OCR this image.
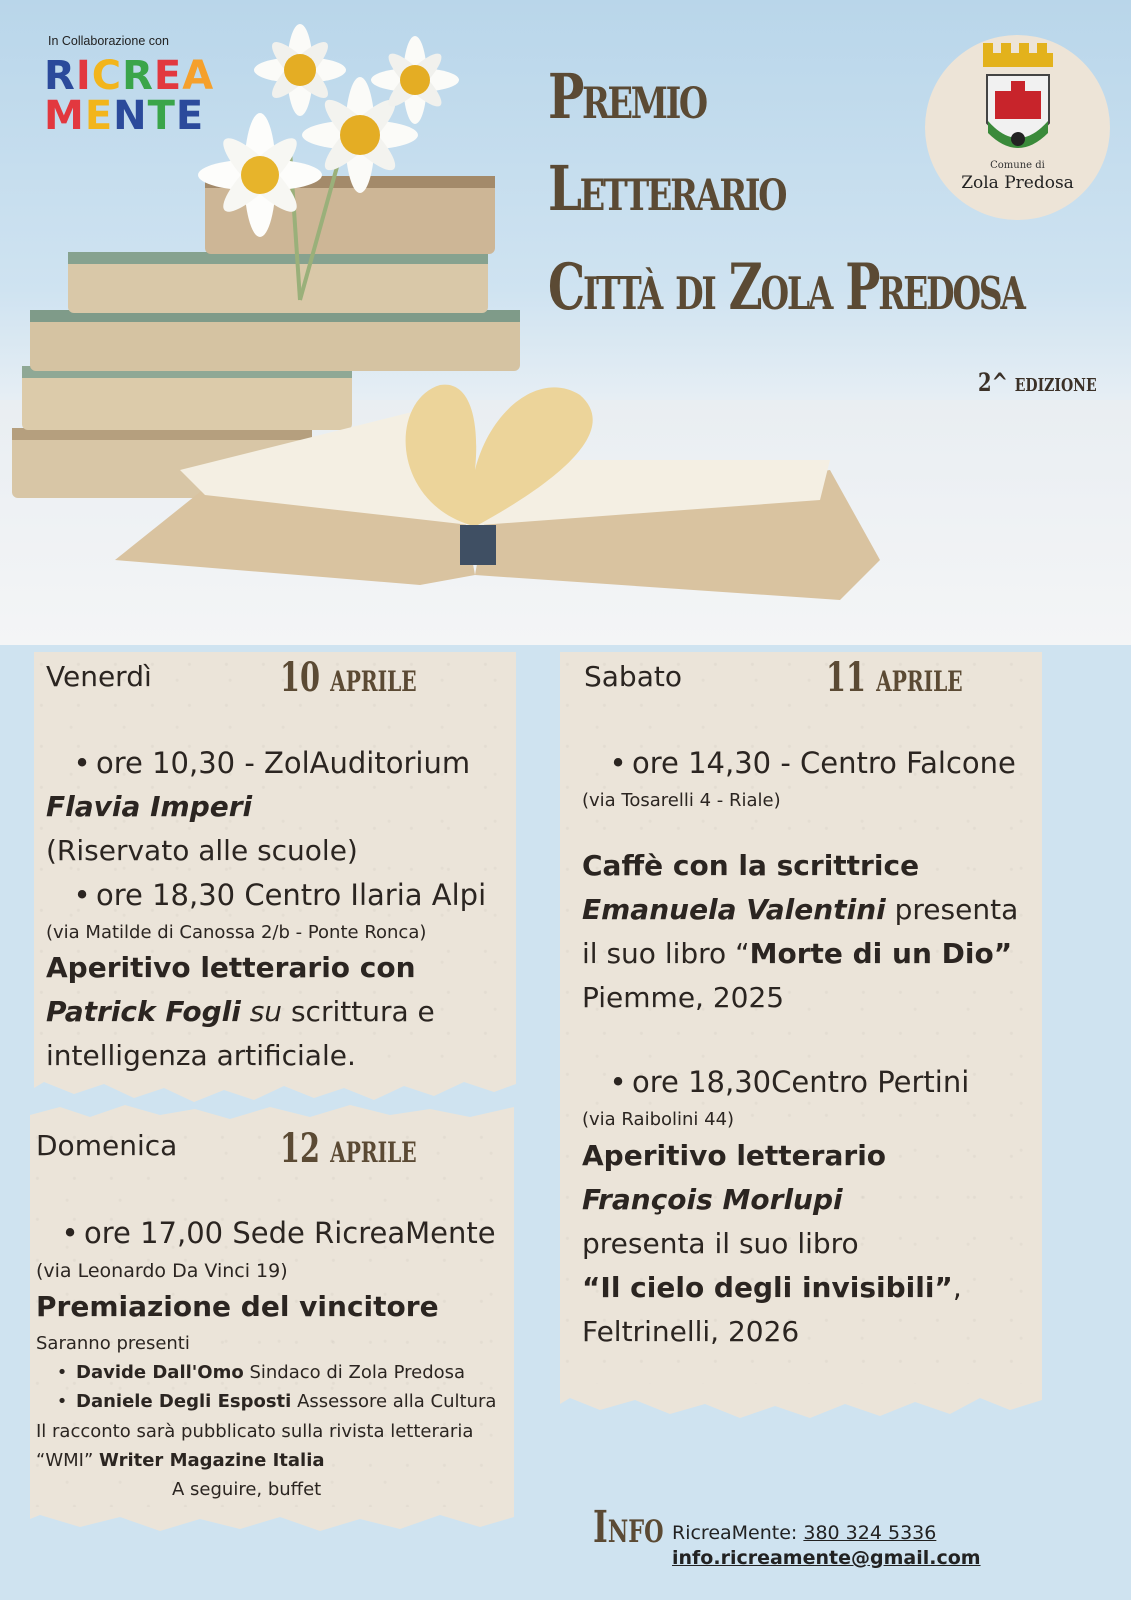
In Collaborazione con
RICREA
MENTE	Premio
Letterario
Città di Zola Predosa
2^ edizione
Comune di
Zola Predosa
Venerdì	10 aprile
• ore 10,30 - ZolAuditorium
Flavia Imperi
(Riservato alle scuole)
• ore 18,30 Centro Ilaria Alpi
(via Matilde di Canossa 2/b - Ponte Ronca)
Aperitivo letterario con
Patrick Fogli su scrittura e
intelligenza artificiale.
Domenica	12 aprile
• ore 17,00 Sede RicreaMente
(via Leonardo Da Vinci 19)
Premiazione del vincitore
Saranno presenti
• Davide Dall'Omo Sindaco di Zola Predosa
• Daniele Degli Esposti Assessore alla Cultura
Il racconto sarà pubblicato sulla rivista letteraria
“WMI” Writer Magazine Italia
A seguire, buffet
Sabato	11 aprile
• ore 14,30 - Centro Falcone
(via Tosarelli 4 - Riale)
Caffè con la scrittrice
Emanuela Valentini presenta
il suo libro “Morte di un Dio”
Piemme, 2025
• ore 18,30Centro Pertini
(via Raibolini 44)
Aperitivo letterario
François Morlupi
presenta il suo libro
“Il cielo degli invisibili”,
Feltrinelli, 2026
Info RicreaMente: 380 324 5336
info.ricreamente@gmail.com
